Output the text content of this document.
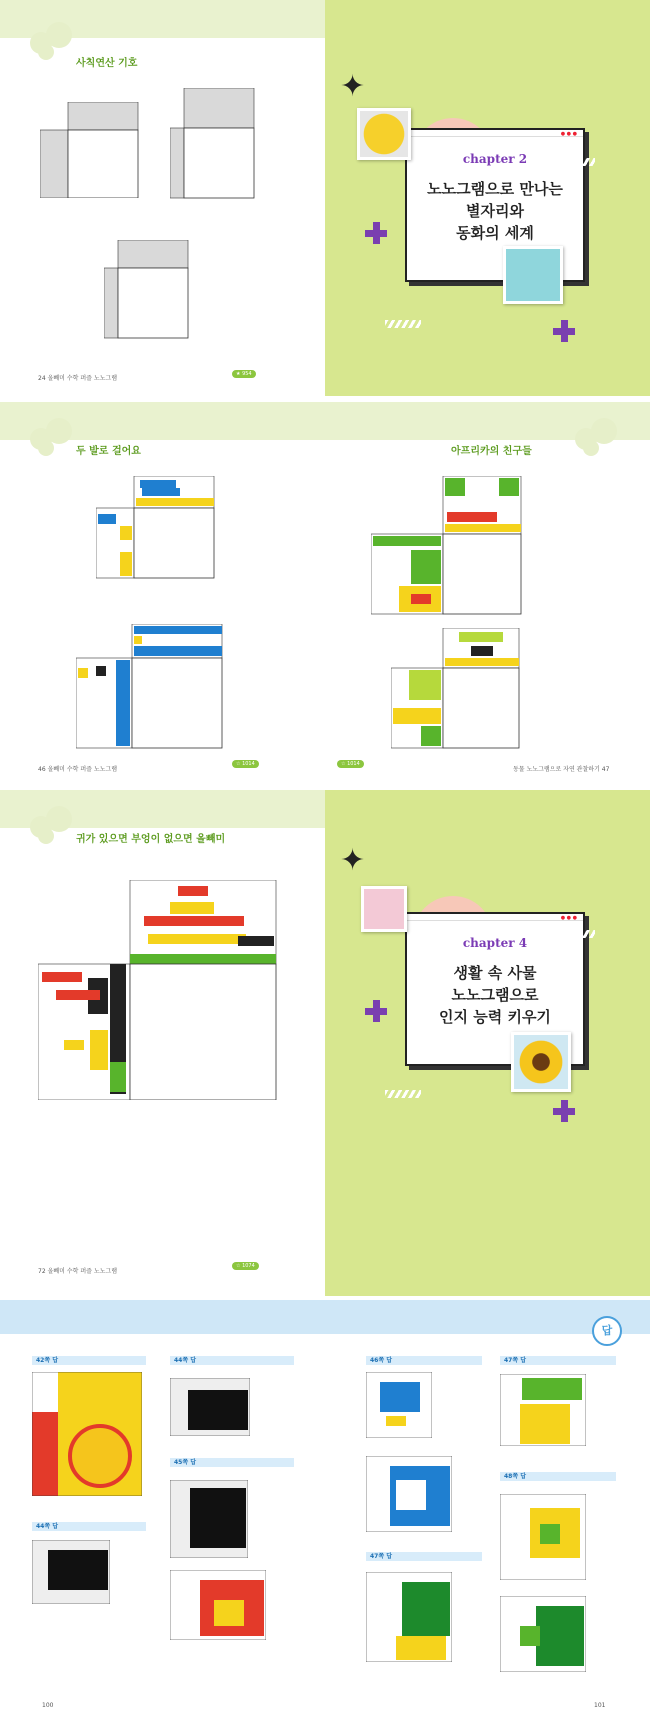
사칙연산 기호
24 올빼미 수학 퍼즐 노노그램
★ 954
✦
● ● ●
chapter 2
노노그램으로 만나는
별자리와
동화의 세계
두 발로 걸어요
46 올빼미 수학 퍼즐 노노그램
☆ 1014
아프리카의 친구들
☆ 1014
동물 노노그램으로 자연 관찰하기 47
귀가 있으면 부엉이 없으면 올빼미
72 올빼미 수학 퍼즐 노노그램
☆ 1074
✦
● ● ●
chapter 4
생활 속 사물
노노그램으로
인지 능력 키우기
답
42쪽 답
44쪽 답
44쪽 답
45쪽 답
46쪽 답
47쪽 답
47쪽 답
48쪽 답
100	101
